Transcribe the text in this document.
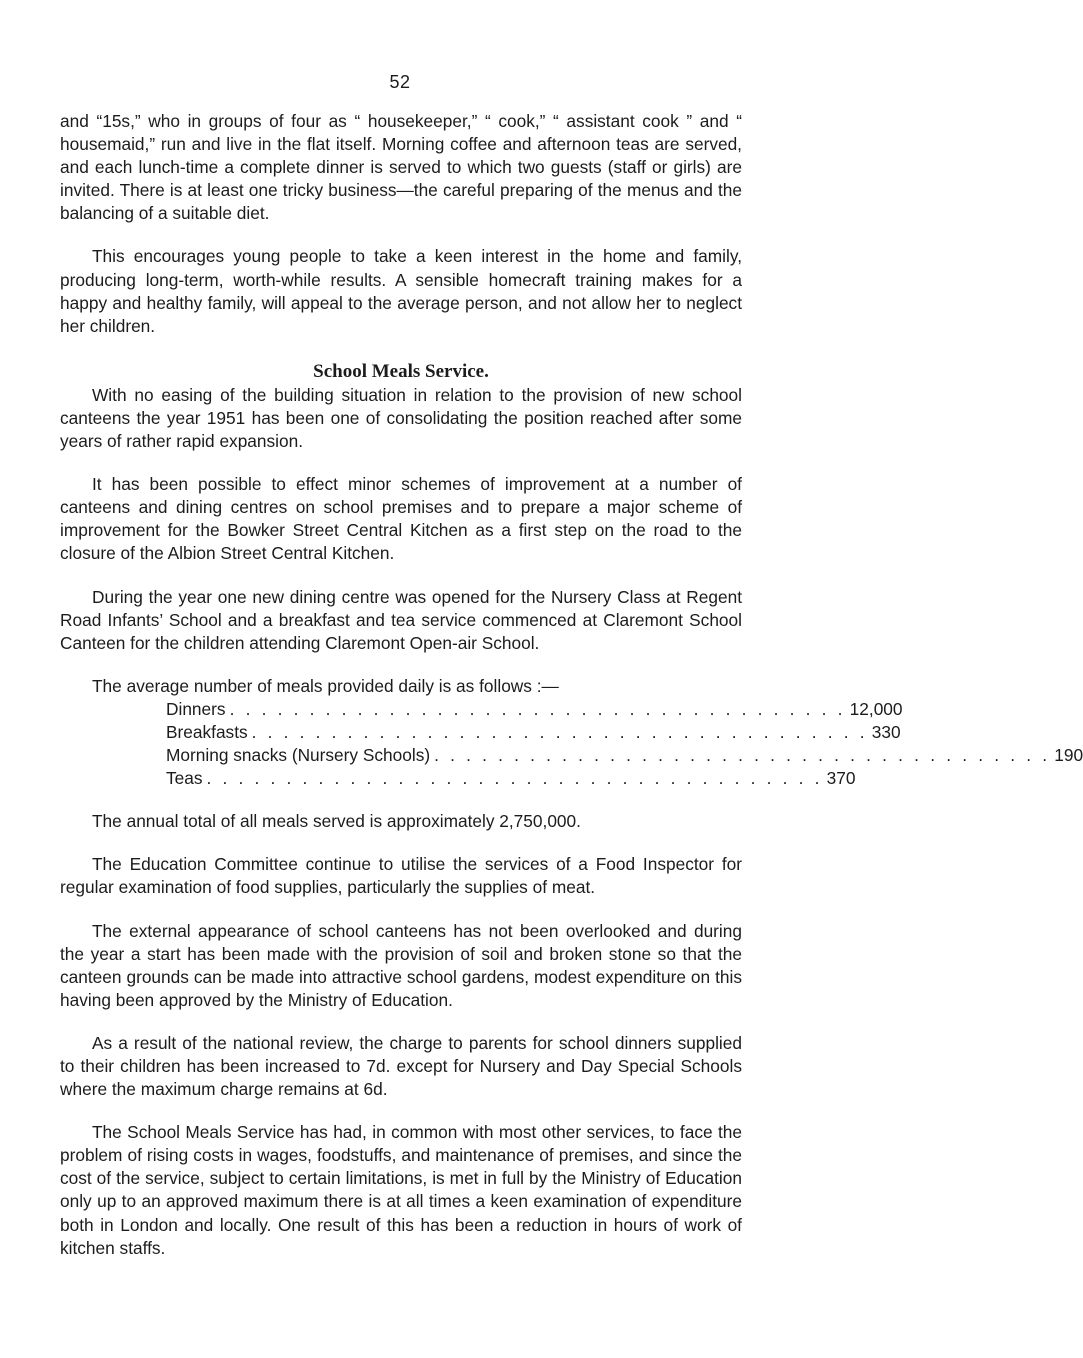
52

and “15s,” who in groups of four as “ housekeeper,” “ cook,” “ assistant cook ” and “ housemaid,” run and live in the flat itself. Morning coffee and afternoon teas are served, and each lunch-time a complete dinner is served to which two guests (staff or girls) are invited. There is at least one tricky business—the careful preparing of the menus and the balancing of a suitable diet.

This encourages young people to take a keen interest in the home and family, producing long-term, worth-while results. A sensible homecraft training makes for a happy and healthy family, will appeal to the average person, and not allow her to neglect her children.

School Meals Service.

With no easing of the building situation in relation to the provision of new school canteens the year 1951 has been one of consolidating the position reached after some years of rather rapid expansion.

It has been possible to effect minor schemes of improvement at a number of canteens and dining centres on school premises and to prepare a major scheme of improvement for the Bowker Street Central Kitchen as a first step on the road to the closure of the Albion Street Central Kitchen.

During the year one new dining centre was opened for the Nursery Class at Regent Road Infants’ School and a breakfast and tea service commenced at Claremont School Canteen for the children attending Claremont Open-air School.

The average number of meals provided daily is as follows :—

Dinners . . . . . . . . . . . . . . . . . . . . . . . . . . . . . . . . . . . . . . . 12,000
Breakfasts . . . . . . . . . . . . . . . . . . . . . . . . . . . . . . . . . . . . . . . 330
Morning snacks (Nursery Schools) . . . . . . . . . . . . . . . . . . . . . . . . . . . . . . . . . . . . . . . 190
Teas . . . . . . . . . . . . . . . . . . . . . . . . . . . . . . . . . . . . . . . 370

The annual total of all meals served is approximately 2,750,000.

The Education Committee continue to utilise the services of a Food Inspector for regular examination of food supplies, particularly the supplies of meat.

The external appearance of school canteens has not been overlooked and during the year a start has been made with the provision of soil and broken stone so that the canteen grounds can be made into attractive school gardens, modest expenditure on this having been approved by the Ministry of Education.

As a result of the national review, the charge to parents for school dinners supplied to their children has been increased to 7d. except for Nursery and Day Special Schools where the maximum charge remains at 6d.

The School Meals Service has had, in common with most other services, to face the problem of rising costs in wages, foodstuffs, and maintenance of premises, and since the cost of the service, subject to certain limitations, is met in full by the Ministry of Education only up to an approved maximum there is at all times a keen examination of expenditure both in London and locally. One result of this has been a reduction in hours of work of kitchen staffs.
